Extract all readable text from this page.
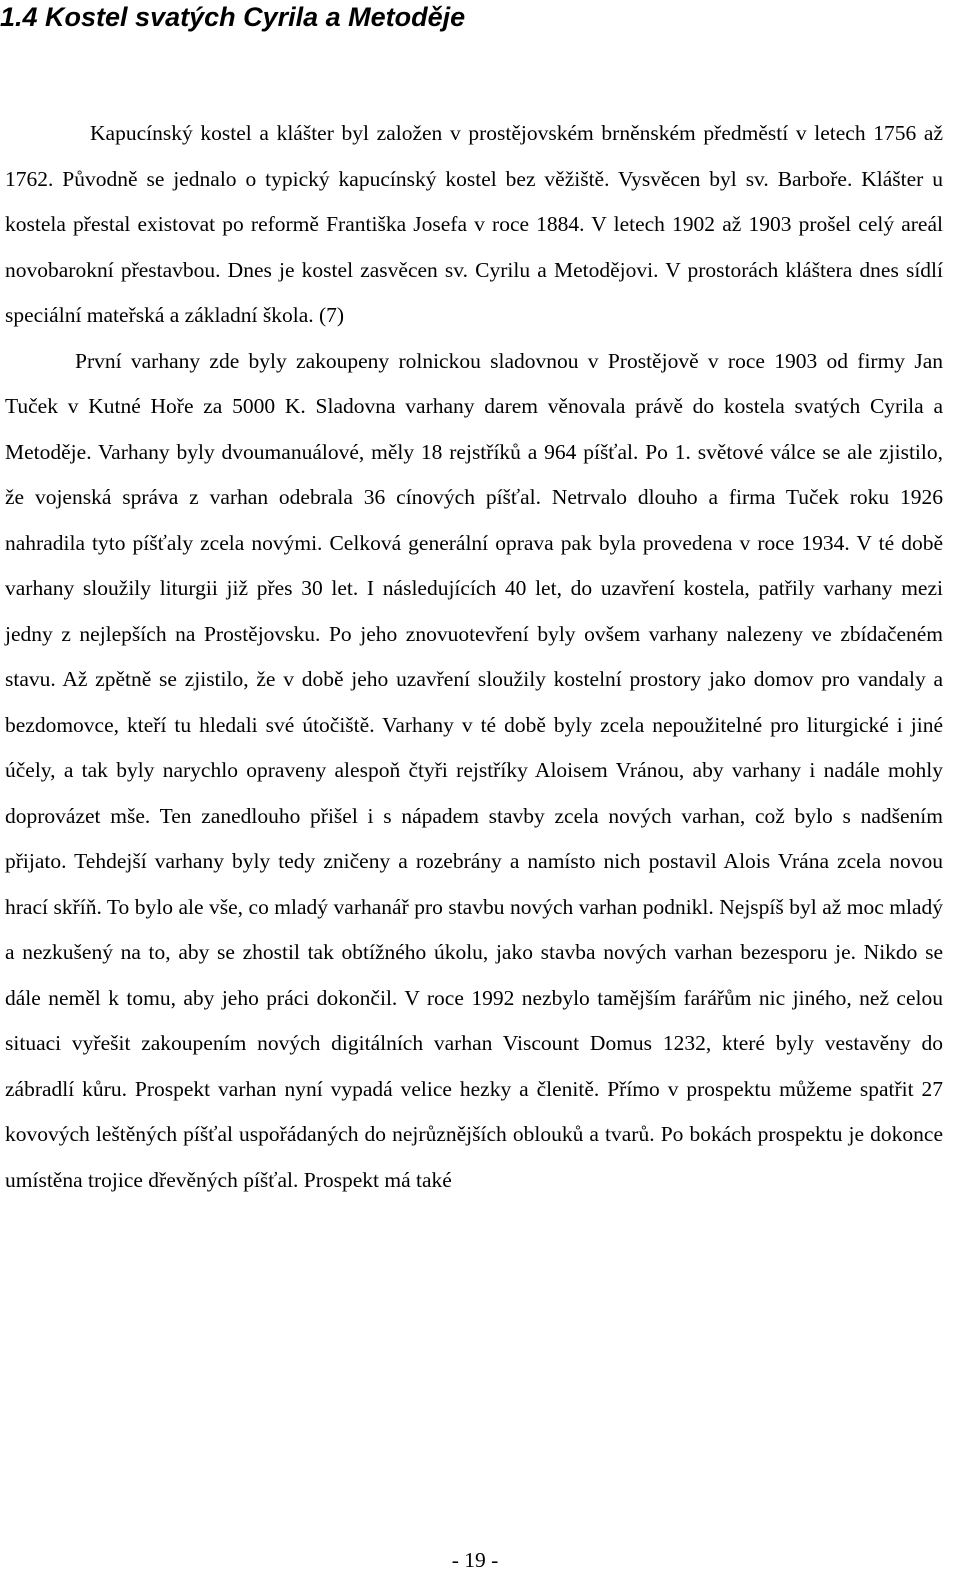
1.4 Kostel svatých Cyrila a Metoděje

Kapucínský kostel a klášter byl založen v prostějovském brněnském předměstí v letech 1756 až 1762. Původně se jednalo o typický kapucínský kostel bez věžiště. Vysvěcen byl sv. Barboře. Klášter u kostela přestal existovat po reformě Františka Josefa v roce 1884. V letech 1902 až 1903 prošel celý areál novobarokní přestavbou. Dnes je kostel zasvěcen sv. Cyrilu a Metodějovi. V prostorách kláštera dnes sídlí speciální mateřská a základní škola. (7)

První varhany zde byly zakoupeny rolnickou sladovnou v Prostějově v roce 1903 od firmy Jan Tuček v Kutné Hoře za 5000 K. Sladovna varhany darem věnovala právě do kostela svatých Cyrila a Metoděje. Varhany byly dvoumanuálové, měly 18 rejstříků a 964 píšťal. Po 1. světové válce se ale zjistilo, že vojenská správa z varhan odebrala 36 cínových píšťal. Netrvalo dlouho a firma Tuček roku 1926 nahradila tyto píšťaly zcela novými. Celková generální oprava pak byla provedena v roce 1934. V té době varhany sloužily liturgii již přes 30 let. I následujících 40 let, do uzavření kostela, patřily varhany mezi jedny z nejlepších na Prostějovsku. Po jeho znovuotevření byly ovšem varhany nalezeny ve zbídačeném stavu. Až zpětně se zjistilo, že v době jeho uzavření sloužily kostelní prostory jako domov pro vandaly a bezdomovce, kteří tu hledali své útočiště. Varhany v té době byly zcela nepoužitelné pro liturgické i jiné účely, a tak byly narychlo opraveny alespoň čtyři rejstříky Aloisem Vránou, aby varhany i nadále mohly doprovázet mše. Ten zanedlouho přišel i s nápadem stavby zcela nových varhan, což bylo s nadšením přijato. Tehdejší varhany byly tedy zničeny a rozebrány a namísto nich postavil Alois Vrána zcela novou hrací skříň. To bylo ale vše, co mladý varhanář pro stavbu nových varhan podnikl. Nejspíš byl až moc mladý a nezkušený na to, aby se zhostil tak obtížného úkolu, jako stavba nových varhan bezesporu je. Nikdo se dále neměl k tomu, aby jeho práci dokončil. V roce 1992 nezbylo tamějším farářům nic jiného, než celou situaci vyřešit zakoupením nových digitálních varhan Viscount Domus 1232, které byly vestavěny do zábradlí kůru. Prospekt varhan nyní vypadá velice hezky a členitě. Přímo v prospektu můžeme spatřit 27 kovových leštěných píšťal uspořádaných do nejrůznějších oblouků a tvarů. Po bokách prospektu je dokonce umístěna trojice dřevěných píšťal. Prospekt má také

- 19 -
